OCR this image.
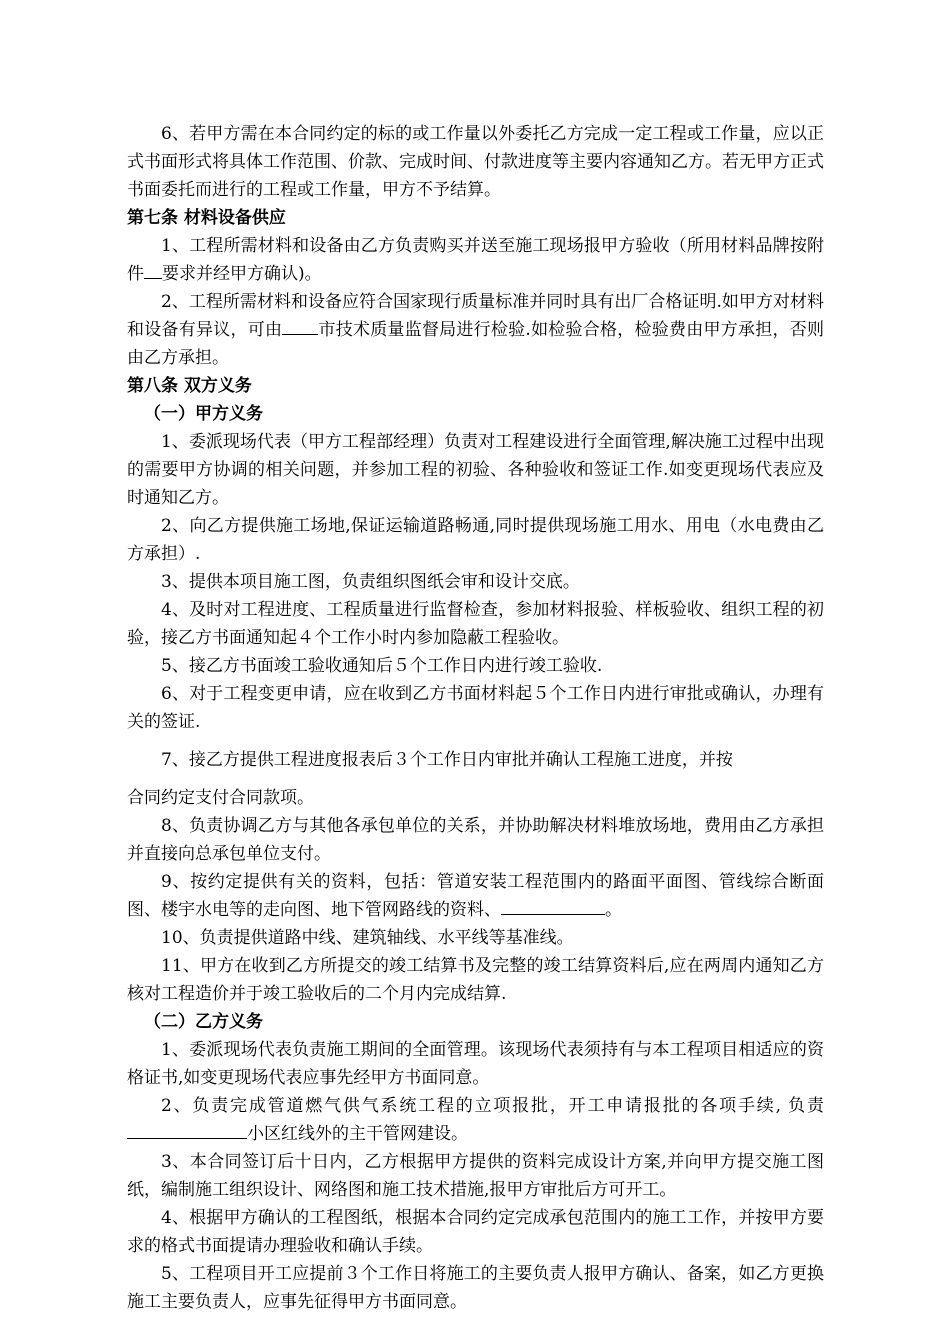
6、若甲方需在本合同约定的标的或工作量以外委托乙方完成一定工程或工作量，应以正式书面形式将具体工作范围、价款、完成时间、付款进度等主要内容通知乙方。若无甲方正式书面委托而进行的工程或工作量，甲方不予结算。

第七条 材料设备供应

1、工程所需材料和设备由乙方负责购买并送至施工现场报甲方验收（所用材料品牌按附件 要求并经甲方确认)。

2、工程所需材料和设备应符合国家现行质量标准并同时具有出厂合格证明.如甲方对材料和设备有异议，可由 市技术质量监督局进行检验.如检验合格，检验费由甲方承担，否则由乙方承担。

第八条 双方义务

（一）甲方义务

1、委派现场代表（甲方工程部经理）负责对工程建设进行全面管理,解决施工过程中出现的需要甲方协调的相关问题，并参加工程的初验、各种验收和签证工作.如变更现场代表应及时通知乙方。

2、向乙方提供施工场地,保证运输道路畅通,同时提供现场施工用水、用电（水电费由乙方承担）.

3、提供本项目施工图，负责组织图纸会审和设计交底。

4、及时对工程进度、工程质量进行监督检查，参加材料报验、样板验收、组织工程的初验，接乙方书面通知起４个工作小时内参加隐蔽工程验收。

5、接乙方书面竣工验收通知后５个工作日内进行竣工验收.

6、对于工程变更申请，应在收到乙方书面材料起５个工作日内进行审批或确认，办理有关的签证.

7、接乙方提供工程进度报表后３个工作日内审批并确认工程施工进度，并按

合同约定支付合同款项。

8、负责协调乙方与其他各承包单位的关系，并协助解决材料堆放场地，费用由乙方承担并直接向总承包单位支付。

9、按约定提供有关的资料，包括：管道安装工程范围内的路面平面图、管线综合断面图、楼宇水电等的走向图、地下管网路线的资料、	。

10、负责提供道路中线、建筑轴线、水平线等基准线。

11、甲方在收到乙方所提交的竣工结算书及完整的竣工结算资料后,应在两周内通知乙方核对工程造价并于竣工验收后的二个月内完成结算.

（二）乙方义务

1、委派现场代表负责施工期间的全面管理。该现场代表须持有与本工程项目相适应的资格证书,如变更现场代表应事先经甲方书面同意。

2、负责完成管道燃气供气系统工程的立项报批，开工申请报批的各项手续, 负责小区红线外的主干管网建设。

3、本合同签订后十日内，乙方根据甲方提供的资料完成设计方案,并向甲方提交施工图纸，编制施工组织设计、网络图和施工技术措施,报甲方审批后方可开工。

4、根据甲方确认的工程图纸，根据本合同约定完成承包范围内的施工工作，并按甲方要求的格式书面提请办理验收和确认手续。

5、工程项目开工应提前３个工作日将施工的主要负责人报甲方确认、备案，如乙方更换施工主要负责人，应事先征得甲方书面同意。
